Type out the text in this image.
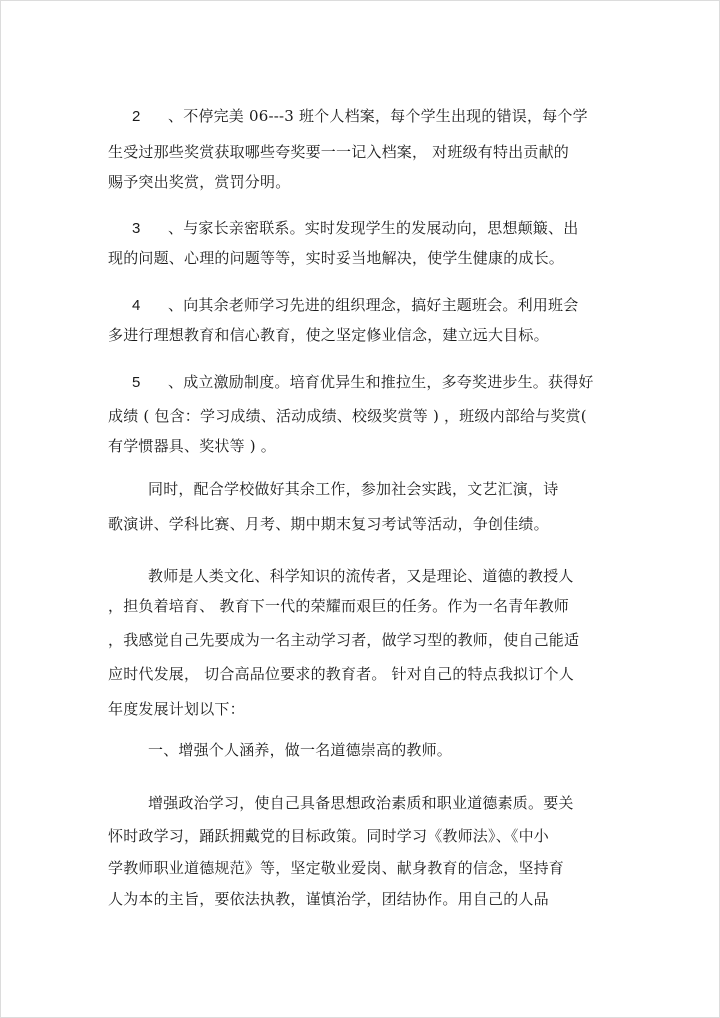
2 、不停完美 06---3 班个人档案，每个学生出现的错误，每个学
生受过那些奖赏获取哪些夸奖要一一记入档案， 对班级有特出贡献的
赐予突出奖赏，赏罚分明。
3 、与家长亲密联系。实时发现学生的发展动向，思想颠簸、出
现的问题、心理的问题等等，实时妥当地解决，使学生健康的成长。
4 、向其余老师学习先进的组织理念，搞好主题班会。利用班会
多进行理想教育和信心教育，使之坚定修业信念，建立远大目标。
5 、成立激励制度。培育优异生和推拉生，多夸奖进步生。获得好
成绩 ( 包含：学习成绩、活动成绩、校级奖赏等 ) ，班级内部给与奖赏(
有学惯器具、奖状等 ) 。
同时，配合学校做好其余工作，参加社会实践，文艺汇演，诗
歌演讲、学科比赛、月考、期中期末复习考试等活动，争创佳绩。
教师是人类文化、科学知识的流传者，又是理论、道德的教授人
，担负着培育、 教育下一代的荣耀而艰巨的任务。作为一名青年教师
，我感觉自己先要成为一名主动学习者，做学习型的教师，使自己能适
应时代发展， 切合高品位要求的教育者。 针对自己的特点我拟订个人
年度发展计划以下：
一、增强个人涵养，做一名道德崇高的教师。
增强政治学习，使自己具备思想政治素质和职业道德素质。要关
怀时政学习，踊跃拥戴党的目标政策。同时学习《教师法》、《中小
学教师职业道德规范》等，坚定敬业爱岗、献身教育的信念，坚持育
人为本的主旨，要依法执教，谨慎治学，团结协作。用自己的人品
